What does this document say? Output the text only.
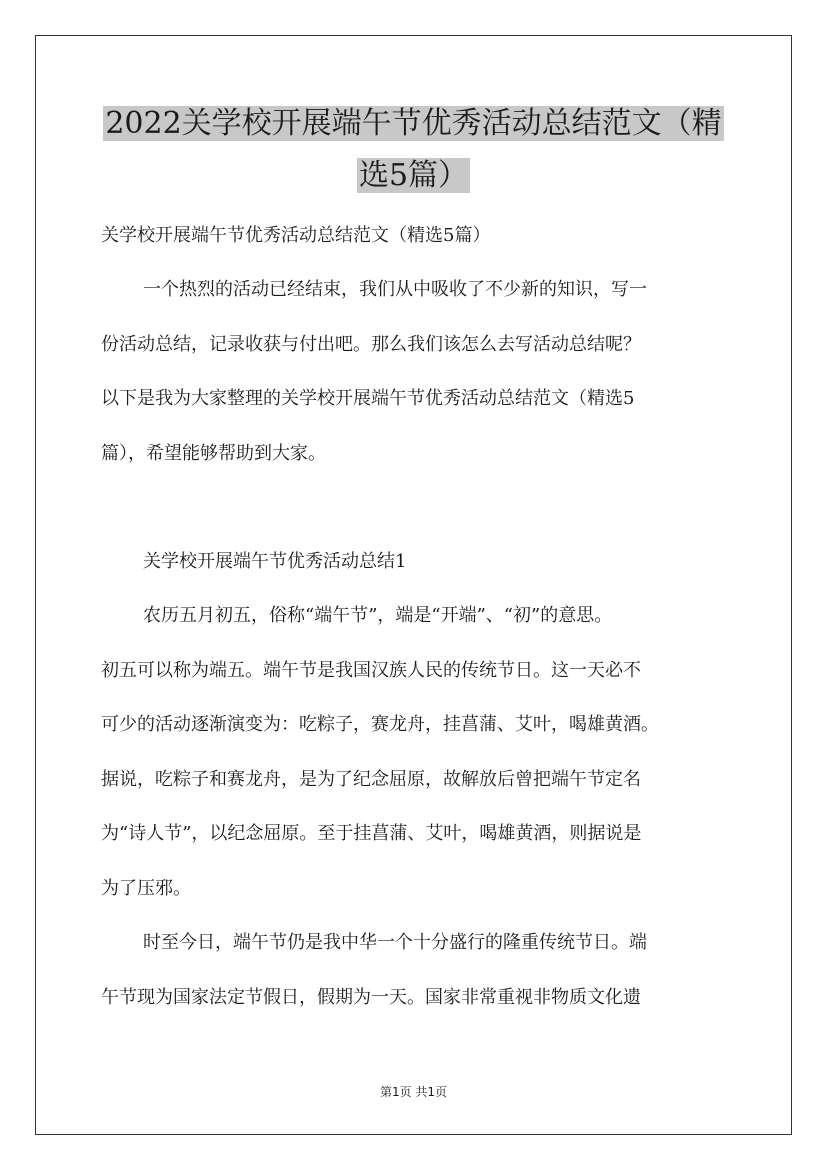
2022关学校开展端午节优秀活动总结范文（精
选5篇）
关学校开展端午节优秀活动总结范文（精选5篇）
一个热烈的活动已经结束，我们从中吸收了不少新的知识，写一
份活动总结，记录收获与付出吧。那么我们该怎么去写活动总结呢？
以下是我为大家整理的关学校开展端午节优秀活动总结范文（精选5
篇），希望能够帮助到大家。
关学校开展端午节优秀活动总结1
农历五月初五，俗称“端午节”，端是“开端”、“初”的意思。
初五可以称为端五。端午节是我国汉族人民的传统节日。这一天必不
可少的活动逐渐演变为：吃粽子，赛龙舟，挂菖蒲、艾叶，喝雄黄酒。
据说，吃粽子和赛龙舟，是为了纪念屈原，故解放后曾把端午节定名
为“诗人节”，以纪念屈原。至于挂菖蒲、艾叶，喝雄黄酒，则据说是
为了压邪。
时至今日，端午节仍是我中华一个十分盛行的隆重传统节日。端
午节现为国家法定节假日，假期为一天。国家非常重视非物质文化遗
第1页 共1页
